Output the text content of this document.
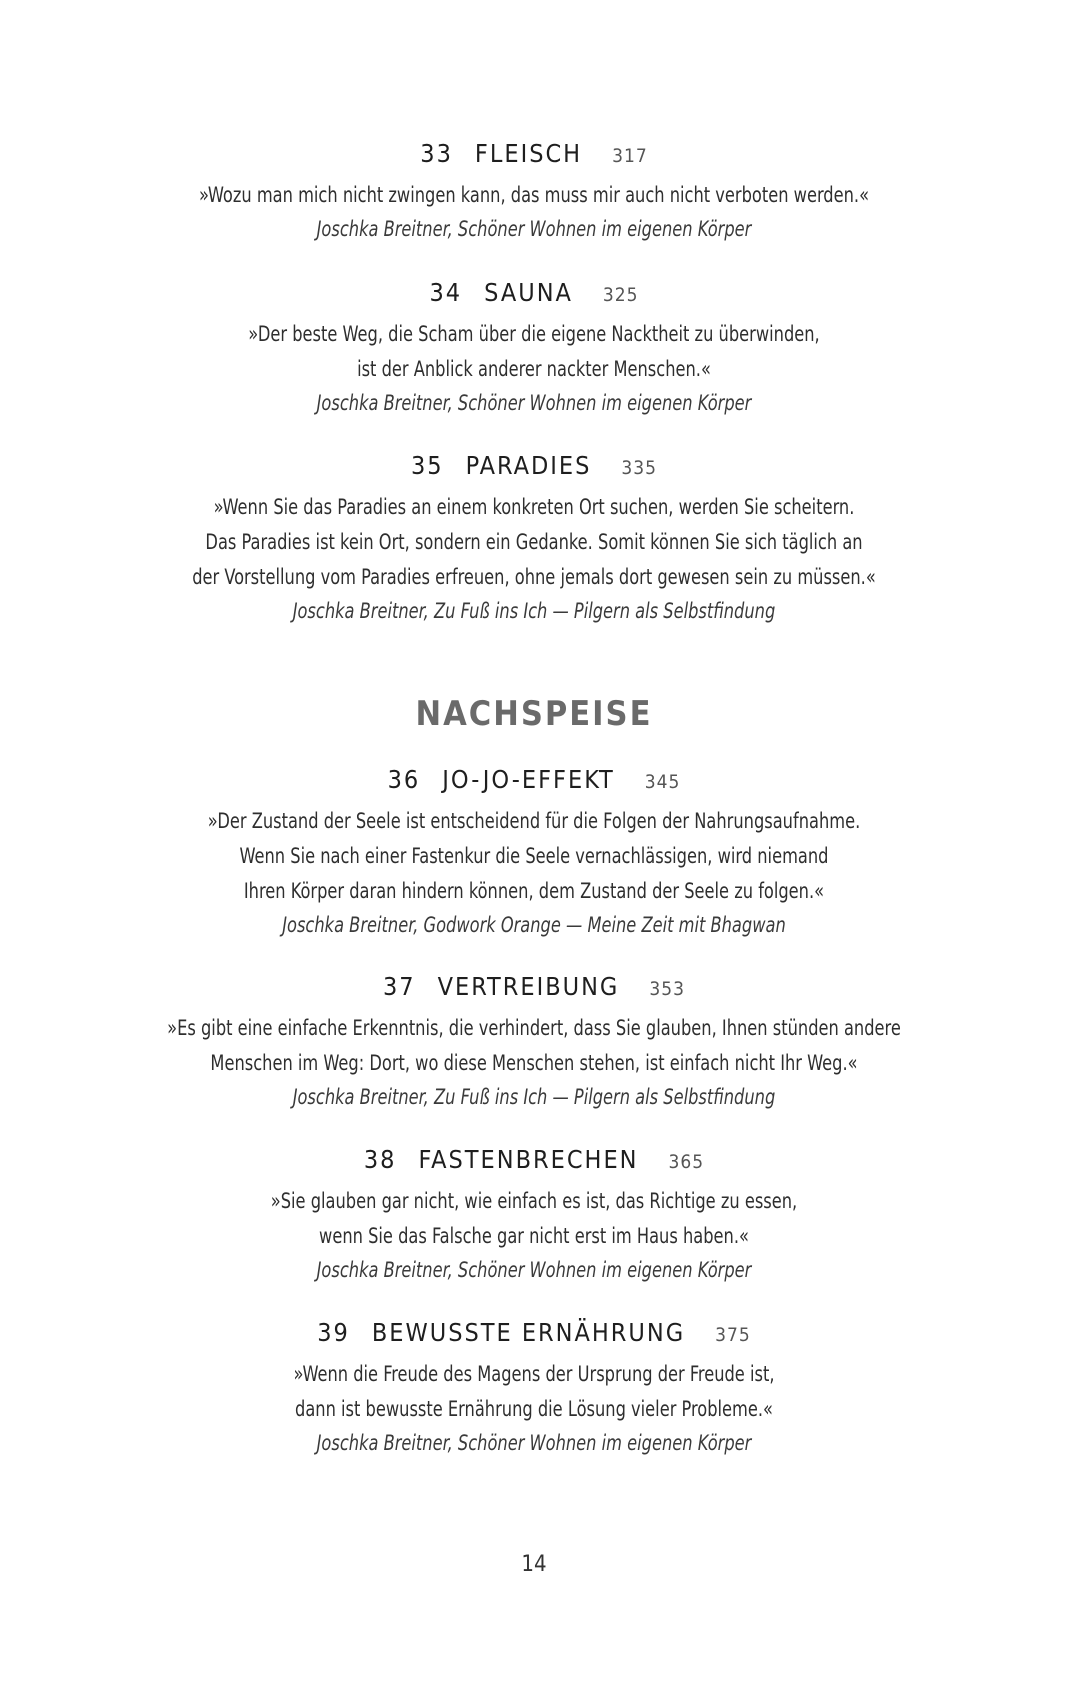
33 FLEISCH 317
»Wozu man mich nicht zwingen kann, das muss mir auch nicht verboten werden.«
Joschka Breitner, Schöner Wohnen im eigenen Körper
34 SAUNA 325
»Der beste Weg, die Scham über die eigene Nacktheit zu überwinden,
ist der Anblick anderer nackter Menschen.«
Joschka Breitner, Schöner Wohnen im eigenen Körper
35 PARADIES 335
»Wenn Sie das Paradies an einem konkreten Ort suchen, werden Sie scheitern.
Das Paradies ist kein Ort, sondern ein Gedanke. Somit können Sie sich täglich an
der Vorstellung vom Paradies erfreuen, ohne jemals dort gewesen sein zu müssen.«
Joschka Breitner, Zu Fuß ins Ich — Pilgern als Selbstfindung
NACHSPEISE
36 JO-JO-EFFEKT 345
»Der Zustand der Seele ist entscheidend für die Folgen der Nahrungsaufnahme.
Wenn Sie nach einer Fastenkur die Seele vernachlässigen, wird niemand
Ihren Körper daran hindern können, dem Zustand der Seele zu folgen.«
Joschka Breitner, Godwork Orange — Meine Zeit mit Bhagwan
37 VERTREIBUNG 353
»Es gibt eine einfache Erkenntnis, die verhindert, dass Sie glauben, Ihnen stünden andere
Menschen im Weg: Dort, wo diese Menschen stehen, ist einfach nicht Ihr Weg.«
Joschka Breitner, Zu Fuß ins Ich — Pilgern als Selbstfindung
38 FASTENBRECHEN 365
»Sie glauben gar nicht, wie einfach es ist, das Richtige zu essen,
wenn Sie das Falsche gar nicht erst im Haus haben.«
Joschka Breitner, Schöner Wohnen im eigenen Körper
39 BEWUSSTE ERNÄHRUNG 375
»Wenn die Freude des Magens der Ursprung der Freude ist,
dann ist bewusste Ernährung die Lösung vieler Probleme.«
Joschka Breitner, Schöner Wohnen im eigenen Körper
14
